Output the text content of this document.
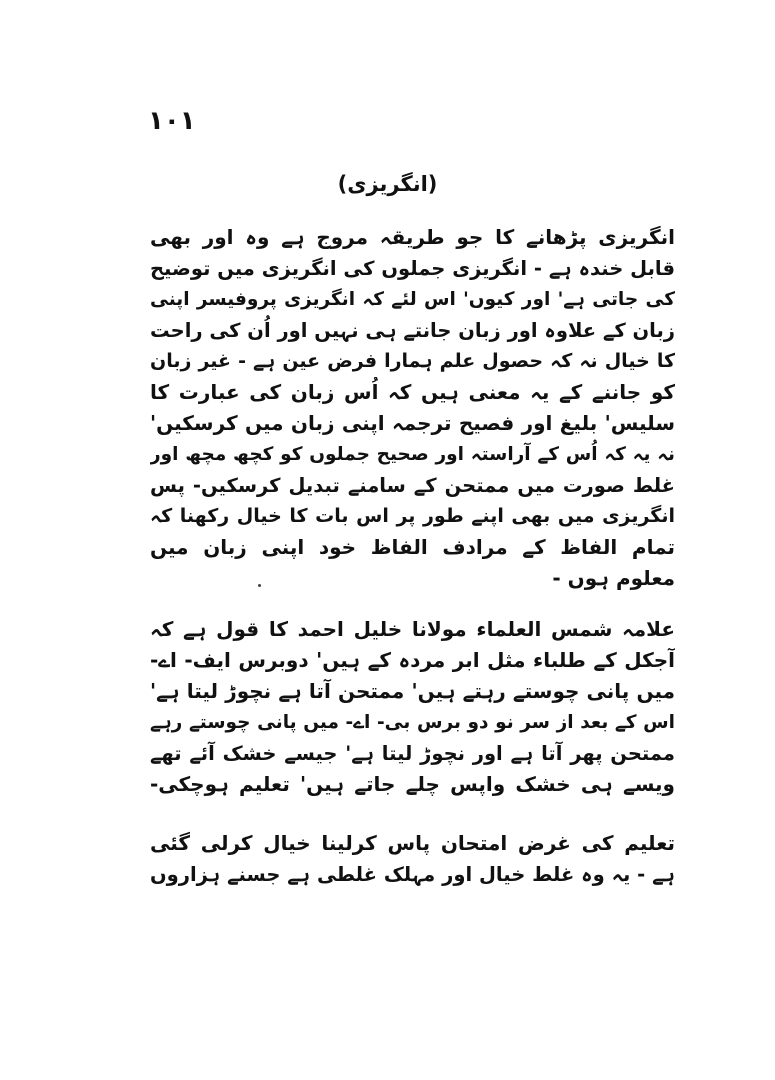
۱۰۱
(انگریزی)
انگریزی پڑھانے کا جو طریقہ مروج ہے وہ اور بھی
قابل خندہ ہے - انگریزی جملوں کی انگریزی میں توضیح
کی جاتی ہے' اور کیوں' اس لئے کہ انگریزی پروفیسر اپنی
زبان کے علاوہ اور زبان جانتے ہی نہیں اور اُن کی راحت
کا خیال نہ کہ حصول علم ہمارا فرض عین ہے - غیر زبان
کو جاننے کے یہ معنی ہیں کہ اُس زبان کی عبارت کا
سلیس' بلیغ اور فصیح ترجمہ اپنی زبان میں کرسکیں'
نہ یہ کہ اُس کے آراستہ اور صحیح جملوں کو کچھ مچھ اور
غلط صورت میں ممتحن کے سامنے تبدیل کرسکیں- پس
انگریزی میں بھی اپنے طور پر اس بات کا خیال رکھنا کہ
تمام الفاظ کے مرادف الفاظ خود اپنی زبان میں
معلوم ہوں -
علامہ شمس العلماء مولانا خلیل احمد کا قول ہے کہ
آجکل کے طلباء مثل ابر مردہ کے ہیں' دوبرس ایف- اے-
میں پانی چوستے رہتے ہیں' ممتحن آتا ہے نچوڑ لیتا ہے'
اس کے بعد از سر نو دو برس بی- اے- میں پانی چوستے رہے
ممتحن پھر آتا ہے اور نچوڑ لیتا ہے' جیسے خشک آئے تھے
ویسے ہی خشک واپس چلے جاتے ہیں' تعلیم ہوچکی-
تعلیم کی غرض امتحان پاس کرلینا خیال کرلی گئی
ہے - یہ وہ غلط خیال اور مہلک غلطی ہے جسنے ہزاروں
